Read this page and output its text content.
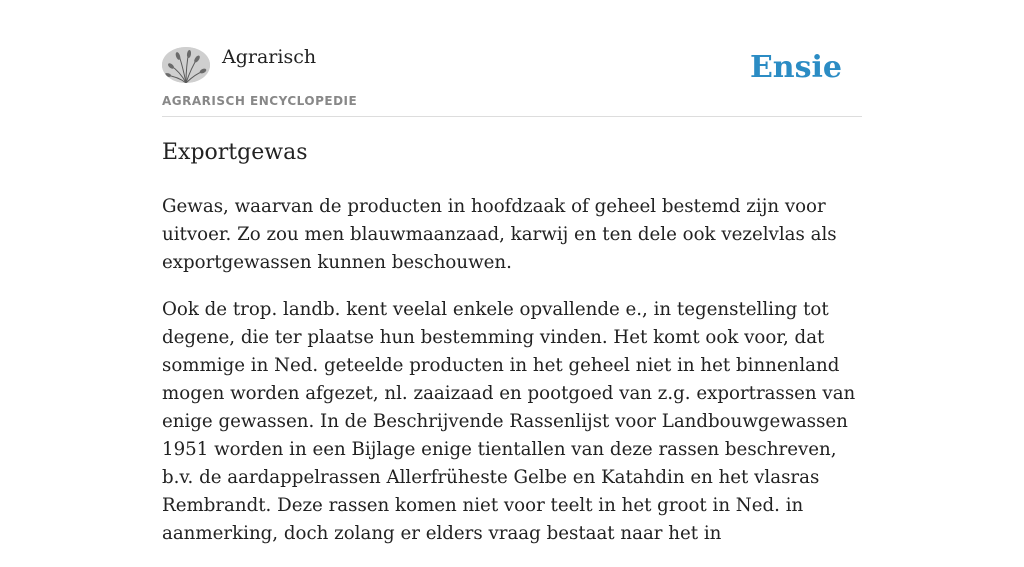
Agrarisch
AGRARISCH ENCYCLOPEDIE
Ensie
Exportgewas

Gewas, waarvan de producten in hoofdzaak of geheel bestemd zijn voor uitvoer. Zo zou men blauwmaanzaad, karwij en ten dele ook vezelvlas als exportgewassen kunnen beschouwen.

Ook de trop. landb. kent veelal enkele opvallende e., in tegenstelling tot degene, die ter plaatse hun bestemming vinden. Het komt ook voor, dat sommige in Ned. geteelde producten in het geheel niet in het binnenland mogen worden afgezet, nl. zaaizaad en pootgoed van z.g. exportrassen van enige gewassen. In de Beschrijvende Rassenlijst voor Landbouwgewassen 1951 worden in een Bijlage enige tientallen van deze rassen beschreven, b.v. de aardappelrassen Allerfrüheste Gelbe en Katahdin en het vlasras Rembrandt. Deze rassen komen niet voor teelt in het groot in Ned. in aanmerking, doch zolang er elders vraag bestaat naar het in
